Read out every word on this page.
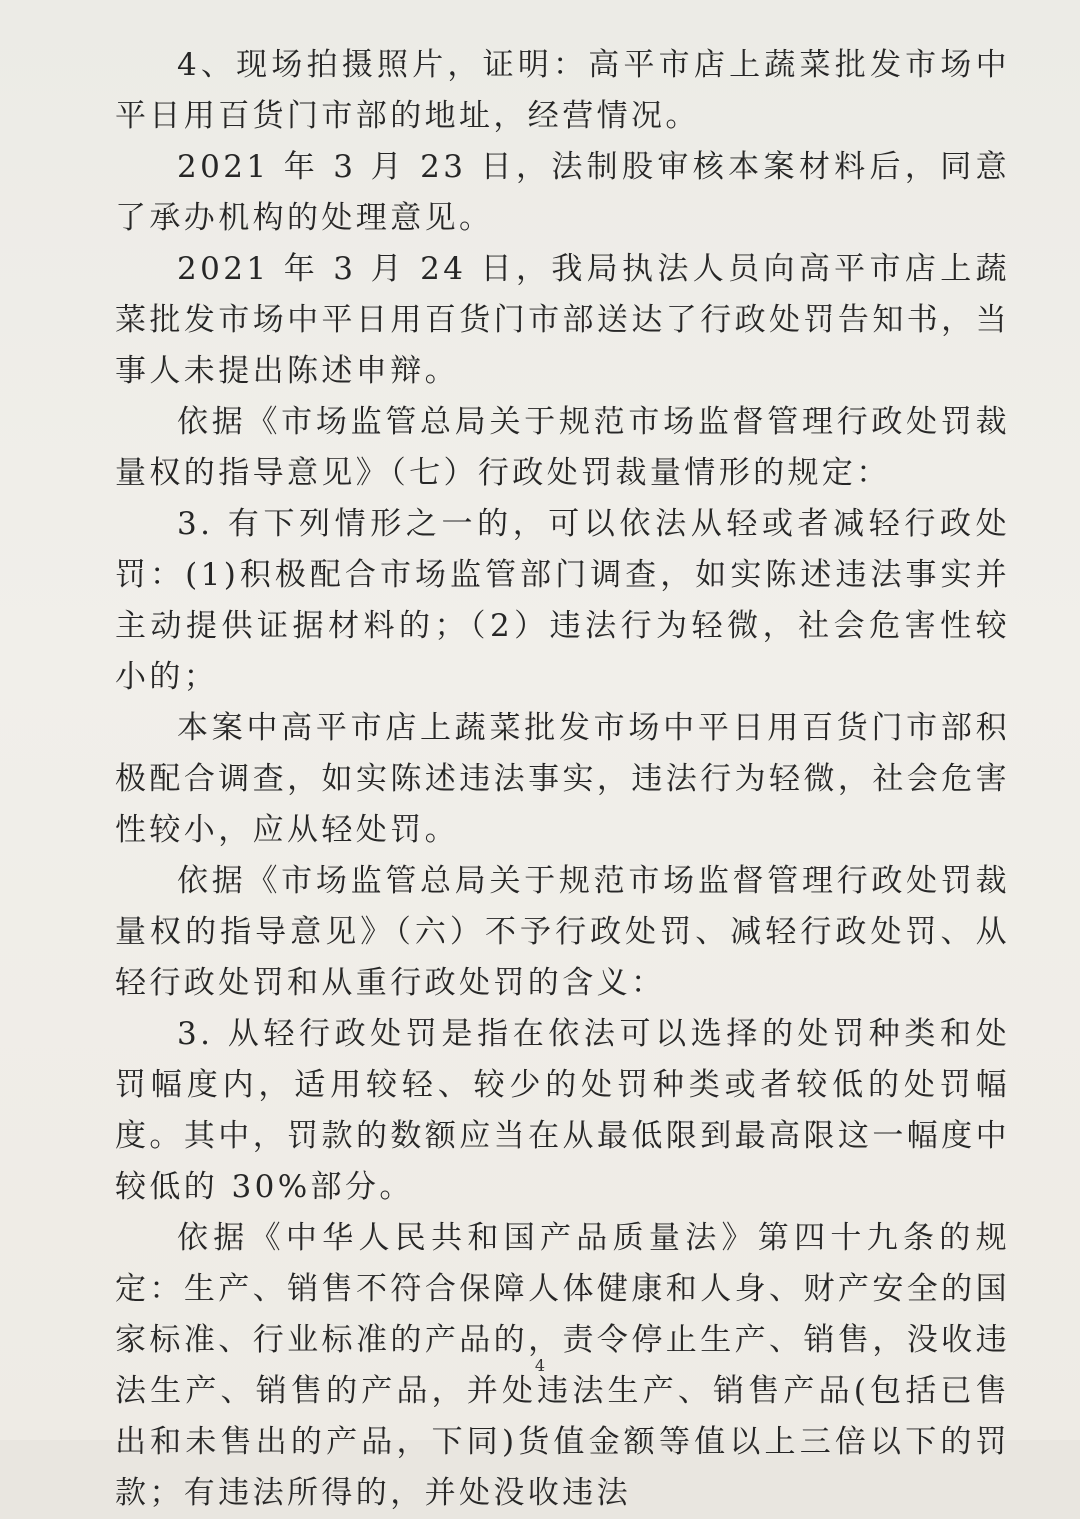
4、现场拍摄照片，证明：高平市店上蔬菜批发市场中平日用百货门市部的地址，经营情况。

2021 年 3 月 23 日，法制股审核本案材料后，同意了承办机构的处理意见。

2021 年 3 月 24 日，我局执法人员向高平市店上蔬菜批发市场中平日用百货门市部送达了行政处罚告知书，当事人未提出陈述申辩。

依据《市场监管总局关于规范市场监督管理行政处罚裁量权的指导意见》（七）行政处罚裁量情形的规定：

3. 有下列情形之一的，可以依法从轻或者减轻行政处罚：(1)积极配合市场监管部门调查，如实陈述违法事实并主动提供证据材料的；（2）违法行为轻微，社会危害性较小的；

本案中高平市店上蔬菜批发市场中平日用百货门市部积极配合调查，如实陈述违法事实，违法行为轻微，社会危害性较小，应从轻处罚。

依据《市场监管总局关于规范市场监督管理行政处罚裁量权的指导意见》（六）不予行政处罚、减轻行政处罚、从轻行政处罚和从重行政处罚的含义：

3. 从轻行政处罚是指在依法可以选择的处罚种类和处罚幅度内，适用较轻、较少的处罚种类或者较低的处罚幅度。其中，罚款的数额应当在从最低限到最高限这一幅度中较低的 30%部分。

依据《中华人民共和国产品质量法》第四十九条的规定：生产、销售不符合保障人体健康和人身、财产安全的国家标准、行业标准的产品的，责令停止生产、销售，没收违法生产、销售的产品，并处违法生产、销售产品(包括已售出和未售出的产品，下同)货值金额等值以上三倍以下的罚款；有违法所得的，并处没收违法

4
